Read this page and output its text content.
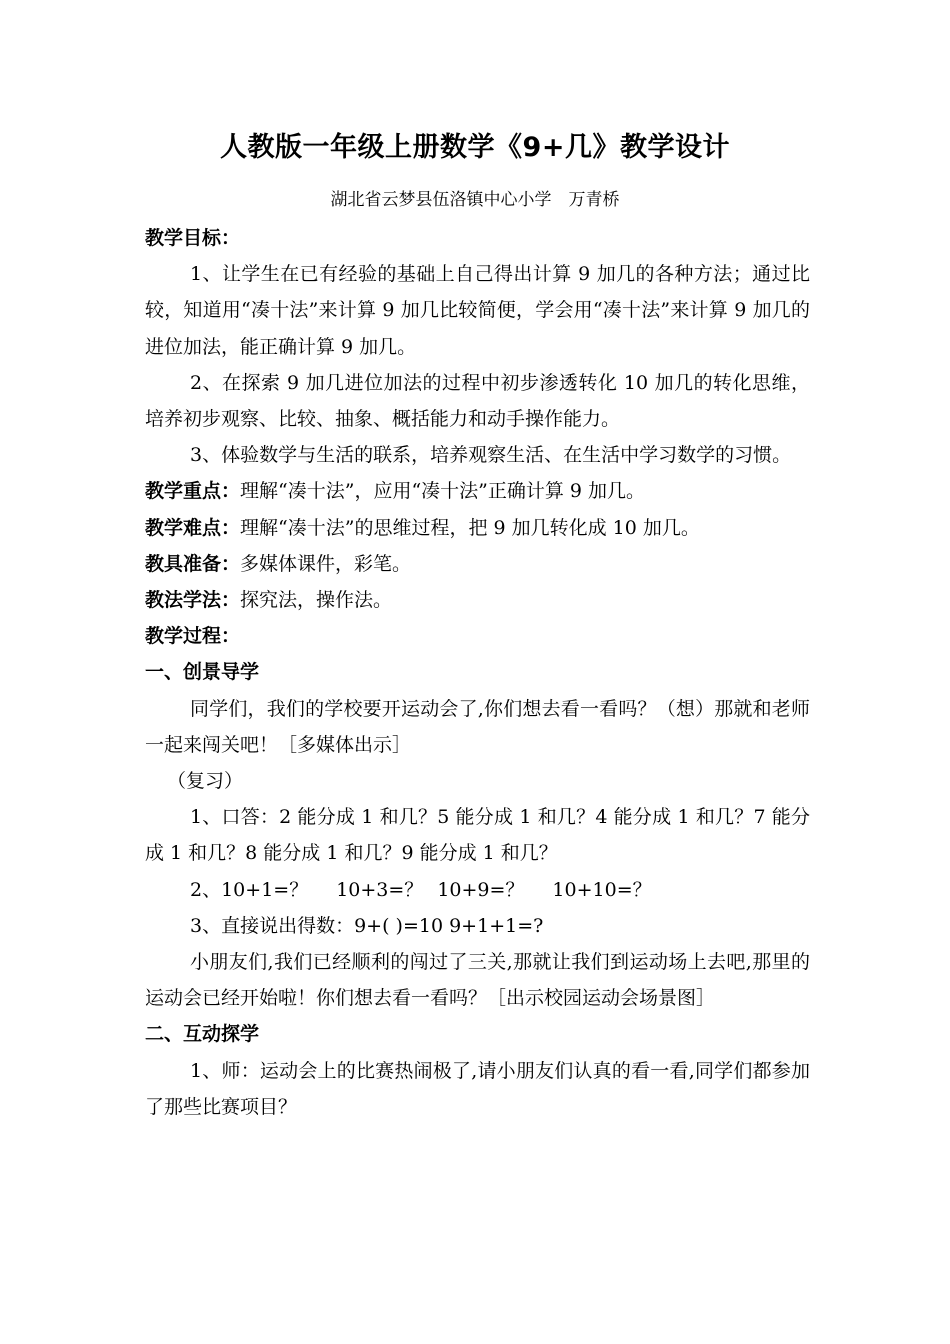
人教版一年级上册数学《9+几》教学设计
湖北省云梦县伍洛镇中心小学　万青桥

教学目标：

1、让学生在已有经验的基础上自己得出计算 9 加几的各种方法；通过比较，知道用“凑十法”来计算 9 加几比较简便，学会用“凑十法”来计算 9 加几的进位加法，能正确计算 9 加几。

2、在探索 9 加几进位加法的过程中初步渗透转化 10 加几的转化思维，培养初步观察、比较、抽象、概括能力和动手操作能力。

3、体验数学与生活的联系，培养观察生活、在生活中学习数学的习惯。

教学重点：理解“凑十法”，应用“凑十法”正确计算 9 加几。

教学难点：理解“凑十法”的思维过程，把 9 加几转化成 10 加几。

教具准备：多媒体课件，彩笔。

教法学法：探究法，操作法。

教学过程：

一、创景导学

同学们，我们的学校要开运动会了,你们想去看一看吗？（想）那就和老师一起来闯关吧！［多媒体出示］

（复习）

1、口答：2 能分成 1 和几？5 能分成 1 和几？4 能分成 1 和几？7 能分成 1 和几？8 能分成 1 和几？9 能分成 1 和几？

2、10+1=？ 10+3=？ 10+9=？ 10+10=？

3、直接说出得数：9+( )=10 9+1+1=?

小朋友们,我们已经顺利的闯过了三关,那就让我们到运动场上去吧,那里的运动会已经开始啦！你们想去看一看吗？［出示校园运动会场景图］

二、互动探学

1、师：运动会上的比赛热闹极了,请小朋友们认真的看一看,同学们都参加了那些比赛项目？
